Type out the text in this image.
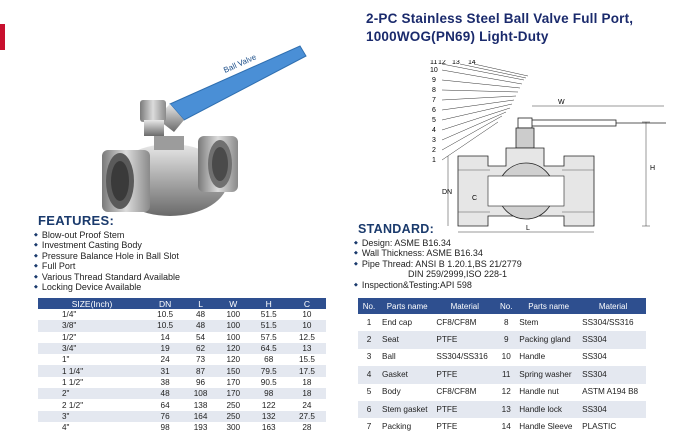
Ball Valve
2-PC Stainless Steel Ball Valve Full Port,
1000WOG(PN69) Light-Duty
1
2
3
4
5
6
7
8
9
10
11 12 13 14
W
H
DN
C
L
FEATURES:
◆ Blow-out Proof Stem
◆ Investment Casting Body
◆ Pressure Balance Hole in Ball Slot
◆ Full Port
◆ Various Thread Standard Available
◆ Locking Device Available
STANDARD:
◆ Design: ASME B16.34
◆ Wall Thickness: ASME B16.34
◆ Pipe Thread: ANSI B 1.20.1,BS 21/2779
DIN 259/2999,ISO 228-1
◆ Inspection&Testing:API 598
SIZE(Inch)	DN	L	W	H	C
1/4"	10.5	48	100	51.5	10
3/8"	10.5	48	100	51.5	10
1/2"	14	54	100	57.5	12.5
3/4"	19	62	120	64.5	13
1"	24	73	120	68	15.5
1 1/4"	31	87	150	79.5	17.5
1 1/2"	38	96	170	90.5	18
2"	48	108	170	98	18
2 1/2"	64	138	250	122	24
3"	76	164	250	132	27.5
4"	98	193	300	163	28
No.	Parts name	Material	No.	Parts name	Material
1	End cap	CF8/CF8M	8	Stem	SS304/SS316
2	Seat	PTFE	9	Packing gland	SS304
3	Ball	SS304/SS316	10	Handle	SS304
4	Gasket	PTFE	11	Spring washer	SS304
5	Body	CF8/CF8M	12	Handle nut	ASTM A194 B8
6	Stem gasket	PTFE	13	Handle lock	SS304
7	Packing	PTFE	14	Handle Sleeve	PLASTIC
